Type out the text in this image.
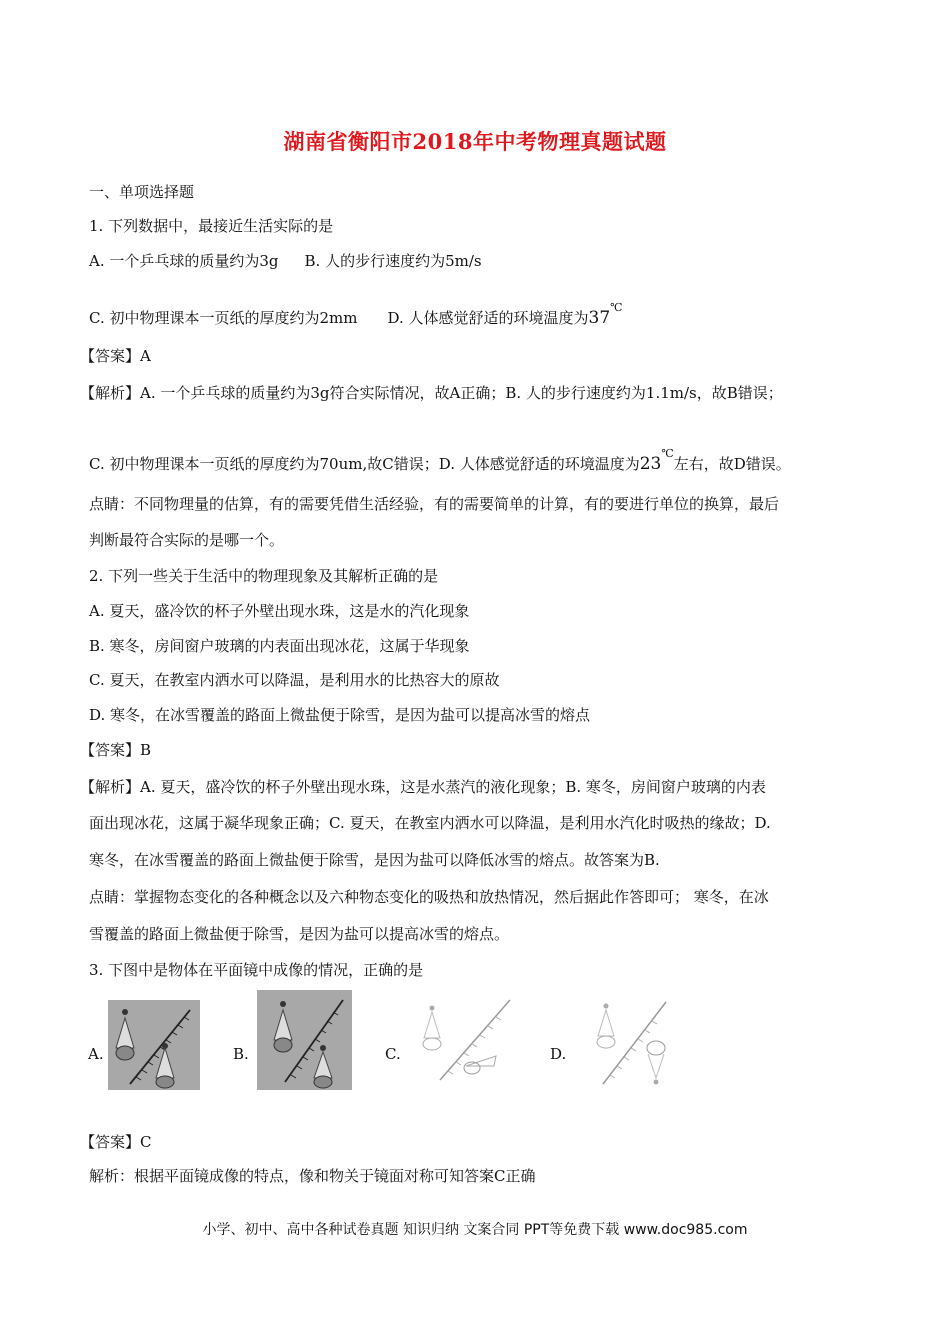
湖南省衡阳市2018年中考物理真题试题
一、单项选择题
1. 下列数据中，最接近生活实际的是
A. 一个乒乓球的质量约为3g B. 人的步行速度约为5m/s
C. 初中物理课本一页纸的厚度约为2mm D. 人体感觉舒适的环境温度为37℃
【答案】A
【解析】A. 一个乒乓球的质量约为3g符合实际情况，故A正确；B. 人的步行速度约为1.1m/s，故B错误；
C. 初中物理课本一页纸的厚度约为70um,故C错误；D. 人体感觉舒适的环境温度为23℃左右，故D错误。
点睛：不同物理量的估算，有的需要凭借生活经验，有的需要简单的计算，有的要进行单位的换算，最后
判断最符合实际的是哪一个。
2. 下列一些关于生活中的物理现象及其解析正确的是
A. 夏天，盛冷饮的杯子外壁出现水珠，这是水的汽化现象
B. 寒冬，房间窗户玻璃的内表面出现冰花，这属于华现象
C. 夏天，在教室内洒水可以降温，是利用水的比热容大的原故
D. 寒冬，在冰雪覆盖的路面上微盐便于除雪，是因为盐可以提高冰雪的熔点
【答案】B
【解析】A. 夏天，盛冷饮的杯子外壁出现水珠，这是水蒸汽的液化现象；B. 寒冬，房间窗户玻璃的内表
面出现冰花，这属于凝华现象正确；C. 夏天，在教室内洒水可以降温，是利用水汽化时吸热的缘故；D.
寒冬，在冰雪覆盖的路面上微盐便于除雪，是因为盐可以降低冰雪的熔点。故答案为B.
点睛：掌握物态变化的各种概念以及六种物态变化的吸热和放热情况，然后据此作答即可； 寒冬，在冰
雪覆盖的路面上微盐便于除雪，是因为盐可以提高冰雪的熔点。
3. 下图中是物体在平面镜中成像的情况，正确的是
A.	B.	C.	D.
【答案】C
解析：根据平面镜成像的特点，像和物关于镜面对称可知答案C正确
小学、初中、高中各种试卷真题 知识归纳 文案合同 PPT等免费下载 www.doc985.com
